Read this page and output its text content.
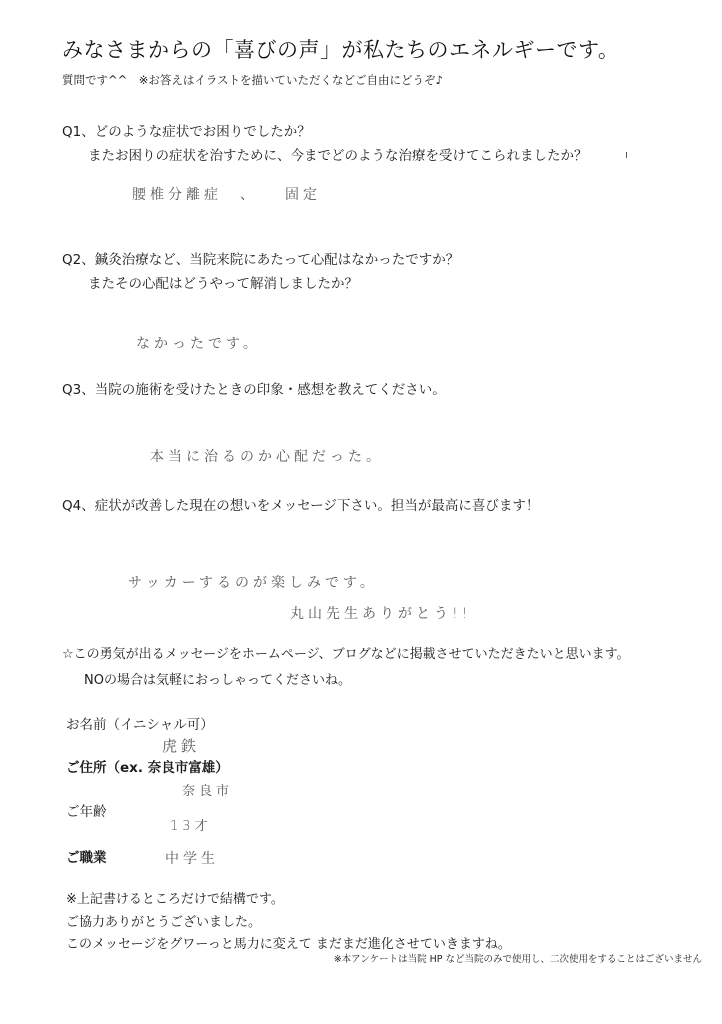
みなさまからの「喜びの声」が私たちのエネルギーです。
質問です^^　※お答えはイラストを描いていただくなどご自由にどうぞ♪
Q1、どのような症状でお困りでしたか？
またお困りの症状を治すために、今までどのような治療を受けてこられましたか？
腰椎分離症 、 固定
Q2、鍼灸治療など、当院来院にあたって心配はなかったですか？
またその心配はどうやって解消しましたか？
なかったです。
Q3、当院の施術を受けたときの印象・感想を教えてください。
本当に治るのか心配だった。
Q4、症状が改善した現在の想いをメッセージ下さい。担当が最高に喜びます！
サッカーするのが楽しみです。
丸山先生ありがとう!!
☆この勇気が出るメッセージをホームページ、ブログなどに掲載させていただきたいと思います。
NOの場合は気軽におっしゃってくださいね。
お名前（イニシャル可）
虎鉄
ご住所（ex. 奈良市富雄）
奈良市
ご年齢
13才
ご職業	中学生
※上記書けるところだけで結構です。
ご協力ありがとうございました。
このメッセージをグワーっと馬力に変えて まだまだ進化させていきますね。
※本アンケートは当院 HP など当院のみで使用し、二次使用をすることはございません
